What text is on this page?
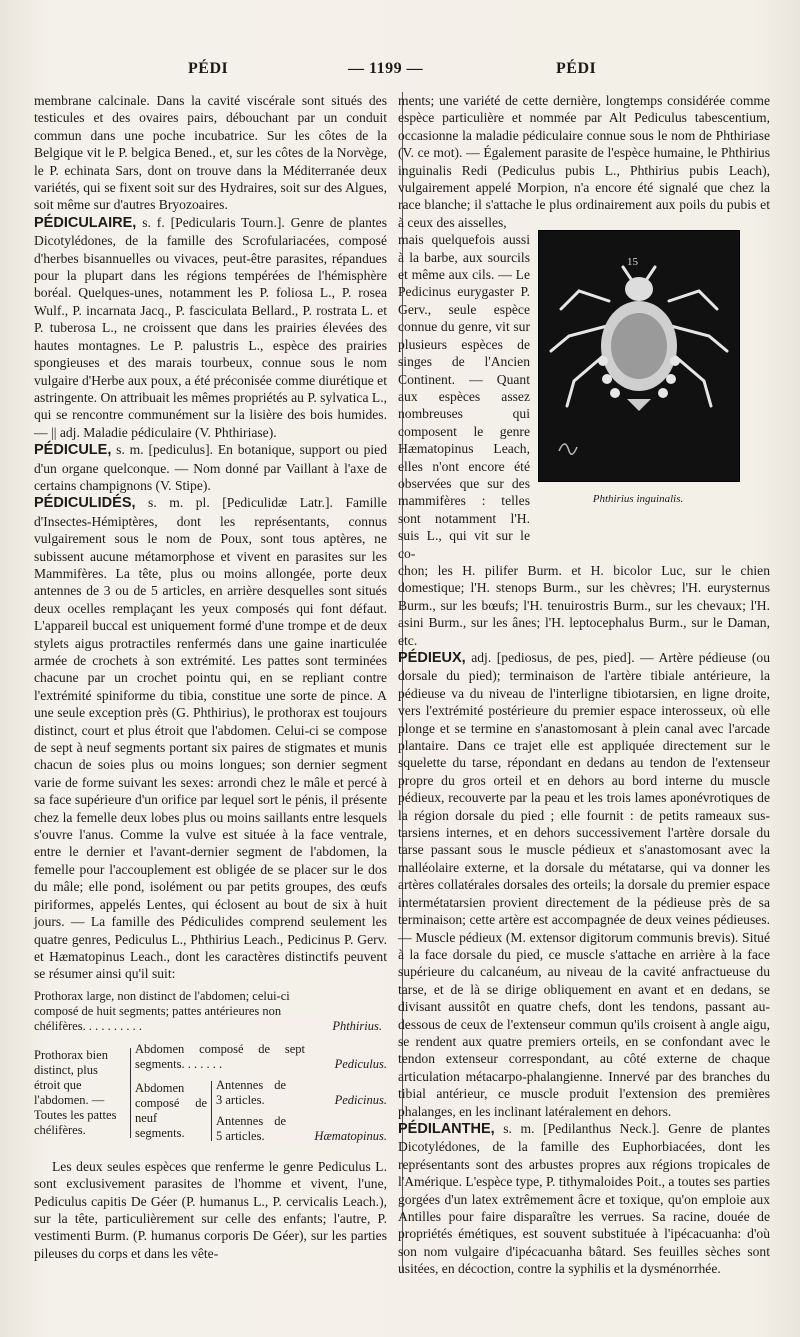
PÉDI	— 1199 —	PÉDI

membrane calcinale. Dans la cavité viscérale sont situés des testicules et des ovaires pairs, débouchant par un conduit commun dans une poche incubatrice. Sur les côtes de la Belgique vit le P. belgica Bened., et, sur les côtes de la Norvège, le P. echinata Sars, dont on trouve dans la Méditerranée deux variétés, qui se fixent soit sur des Hydraires, soit sur des Algues, soit même sur d'autres Bryozoaires.

PÉDICULAIRE, s. f. [Pedicularis Tourn.]. Genre de plantes Dicotylédones, de la famille des Scrofulariacées, composé d'herbes bisannuelles ou vivaces, peut-être parasites, répandues pour la plupart dans les régions tempérées de l'hémisphère boréal. Quelques-unes, notamment les P. foliosa L., P. rosea Wulf., P. incarnata Jacq., P. fasciculata Bellard., P. rostrata L. et P. tuberosa L., ne croissent que dans les prairies élevées des hautes montagnes. Le P. palustris L., espèce des prairies spongieuses et des marais tourbeux, connue sous le nom vulgaire d'Herbe aux poux, a été préconisée comme diurétique et astringente. On attribuait les mêmes propriétés au P. sylvatica L., qui se rencontre communément sur la lisière des bois humides. — || adj. Maladie pédiculaire (V. Phthiriase).

PÉDICULE, s. m. [pediculus]. En botanique, support ou pied d'un organe quelconque. — Nom donné par Vaillant à l'axe de certains champignons (V. Stipe).

PÉDICULIDÉS, s. m. pl. [Pediculidæ Latr.]. Famille d'Insectes-Hémiptères, dont les représentants, connus vulgairement sous le nom de Poux, sont tous aptères, ne subissent aucune métamorphose et vivent en parasites sur les Mammifères. La tête, plus ou moins allongée, porte deux antennes de 3 ou de 5 articles, en arrière desquelles sont situés deux ocelles remplaçant les yeux composés qui font défaut. L'appareil buccal est uniquement formé d'une trompe et de deux stylets aigus protractiles renfermés dans une gaine inarticulée armée de crochets à son extrémité. Les pattes sont terminées chacune par un crochet pointu qui, en se repliant contre l'extrémité spiniforme du tibia, constitue une sorte de pince. A une seule exception près (G. Phthirius), le prothorax est toujours distinct, court et plus étroit que l'abdomen. Celui-ci se compose de sept à neuf segments portant six paires de stigmates et munis chacun de soies plus ou moins longues; son dernier segment varie de forme suivant les sexes: arrondi chez le mâle et percé à sa face supérieure d'un orifice par lequel sort le pénis, il présente chez la femelle deux lobes plus ou moins saillants entre lesquels s'ouvre l'anus. Comme la vulve est située à la face ventrale, entre le dernier et l'avant-dernier segment de l'abdomen, la femelle pour l'accouplement est obligée de se placer sur le dos du mâle; elle pond, isolément ou par petits groupes, des œufs piriformes, appelés Lentes, qui éclosent au bout de six à huit jours. — La famille des Pédiculides comprend seulement les quatre genres, Pediculus L., Phthirius Leach., Pedicinus P. Gerv. et Hæmatopinus Leach., dont les caractères distinctifs peuvent se résumer ainsi qu'il suit:

Prothorax large, non distinct de l'abdomen; celui-ci composé de huit segments; pattes antérieures non chélifères. . . . . . . . . .	Phthirius.
Prothorax bien distinct, plus étroit que l'abdomen. — Toutes les pattes chélifères.
Abdomen composé de sept segments. . . . . . .	Pediculus.
Abdomen composé de neuf segments.
Antennes de 3 articles.	Pedicinus.
Antennes de 5 articles.	Hæmatopinus.

Les deux seules espèces que renferme le genre Pediculus L. sont exclusivement parasites de l'homme et vivent, l'une, Pediculus capitis De Géer (P. humanus L., P. cervicalis Leach.), sur la tête, particulièrement sur celle des enfants; l'autre, P. vestimenti Burm. (P. humanus corporis De Géer), sur les parties pileuses du corps et dans les vête-

ments; une variété de cette dernière, longtemps considérée comme espèce particulière et nommée par Alt Pediculus tabescentium, occasionne la maladie pédiculaire connue sous le nom de Phthiriase (V. ce mot). — Également parasite de l'espèce humaine, le Phthirius inguinalis Redi (Pediculus pubis L., Phthirius pubis Leach), vulgairement appelé Morpion, n'a encore été signalé que chez la race blanche; il s'attache le plus ordinairement aux poils du pubis et à ceux des aisselles,

mais quelquefois aussi à la barbe, aux sourcils et même aux cils. — Le Pedicinus eurygaster P. Gerv., seule espèce connue du genre, vit sur plusieurs espèces de singes de l'Ancien Continent. — Quant aux espèces assez nombreuses qui composent le genre Hæmatopinus Leach, elles n'ont encore été observées que sur des mammifères : telles sont notamment l'H. suis L., qui vit sur le co-

chon; les H. pilifer Burm. et H. bicolor Luc, sur le chien domestique; l'H. stenops Burm., sur les chèvres; l'H. eurysternus Burm., sur les bœufs; l'H. tenuirostris Burm., sur les chevaux; l'H. asini Burm., sur les ânes; l'H. leptocephalus Burm., sur le Daman, etc.

PÉDIEUX, adj. [pediosus, de pes, pied]. — Artère pédieuse (ou dorsale du pied); terminaison de l'artère tibiale antérieure, la pédieuse va du niveau de l'interligne tibiotarsien, en ligne droite, vers l'extrémité postérieure du premier espace interosseux, où elle plonge et se termine en s'anastomosant à plein canal avec l'arcade plantaire. Dans ce trajet elle est appliquée directement sur le squelette du tarse, répondant en dedans au tendon de l'extenseur propre du gros orteil et en dehors au bord interne du muscle pédieux, recouverte par la peau et les trois lames aponévrotiques de la région dorsale du pied ; elle fournit : de petits rameaux sus-tarsiens internes, et en dehors successivement l'artère dorsale du tarse passant sous le muscle pédieux et s'anastomosant avec la malléolaire externe, et la dorsale du métatarse, qui va donner les artères collatérales dorsales des orteils; la dorsale du premier espace intermétatarsien provient directement de la pédieuse près de sa terminaison; cette artère est accompagnée de deux veines pédieuses. — Muscle pédieux (M. extensor digitorum communis brevis). Situé à la face dorsale du pied, ce muscle s'attache en arrière à la face supérieure du calcanéum, au niveau de la cavité anfractueuse du tarse, et de là se dirige obliquement en avant et en dedans, se divisant aussitôt en quatre chefs, dont les tendons, passant au-dessous de ceux de l'extenseur commun qu'ils croisent à angle aigu, se rendent aux quatre premiers orteils, en se confondant avec le tendon extenseur correspondant, au côté externe de chaque articulation métacarpo-phalangienne. Innervé par des branches du tibial antérieur, ce muscle produit l'extension des premières phalanges, en les inclinant latéralement en dehors.

PÉDILANTHE, s. m. [Pedilanthus Neck.]. Genre de plantes Dicotylédones, de la famille des Euphorbiacées, dont les représentants sont des arbustes propres aux régions tropicales de l'Amérique. L'espèce type, P. tithymaloides Poit., a toutes ses parties gorgées d'un latex extrêmement âcre et toxique, qu'on emploie aux Antilles pour faire disparaître les verrues. Sa racine, douée de propriétés émétiques, est souvent substituée à l'ipécacuanha: d'où son nom vulgaire d'ipécacuanha bâtard. Ses feuilles sèches sont usitées, en décoction, contre la syphilis et la dysménorrhée.

15
Phthirius inguinalis.
